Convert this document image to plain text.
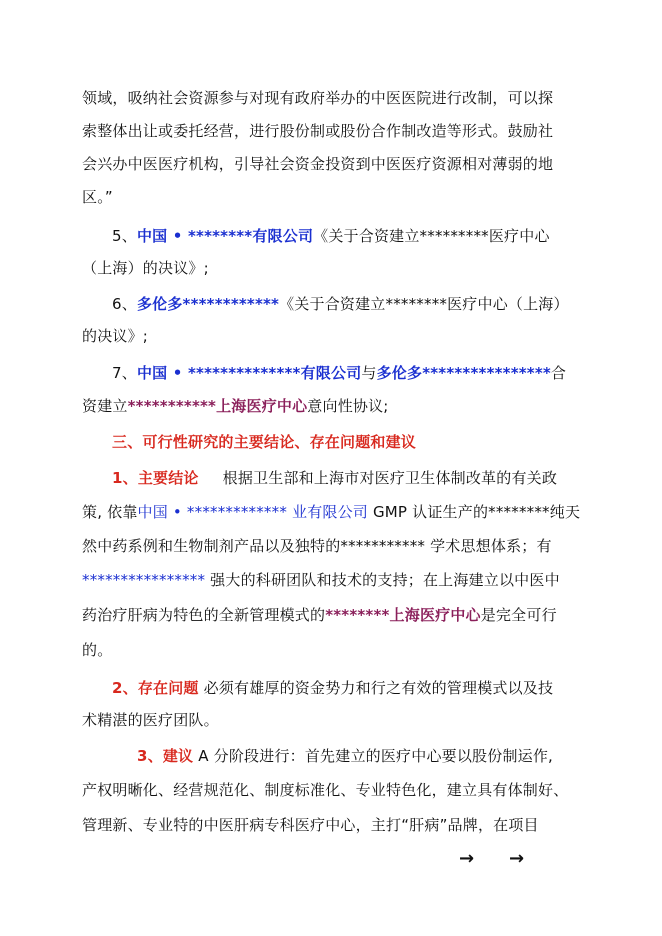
领域，吸纳社会资源参与对现有政府举办的中医医院进行改制，可以探
索整体出让或委托经营，进行股份制或股份合作制改造等形式。鼓励社
会兴办中医医疗机构，引导社会资金投资到中医医疗资源相对薄弱的地
区。”
5、中国 • ********有限公司《关于合资建立*********医疗中心
（上海）的决议》;
6、多伦多************《关于合资建立********医疗中心（上海）
的决议》;
7、中国 • **************有限公司与多伦多****************合
资建立***********上海医疗中心意向性协议;
三、可行性研究的主要结论、存在问题和建议
1、主要结论 根据卫生部和上海市对医疗卫生体制改革的有关政
策, 依靠中国 • ************* 业有限公司 GMP 认证生产的********纯天
然中药系例和生物制剂产品以及独特的*********** 学术思想体系；有
**************** 强大的科研团队和技术的支持；在上海建立以中医中
药治疗肝病为特色的全新管理模式的********上海医疗中心是完全可行
的。
2、存在问题 必须有雄厚的资金势力和行之有效的管理模式以及技
术精湛的医疗团队。
3、建议 A 分阶段进行：首先建立的医疗中心要以股份制运作,
产权明晰化、经营规范化、制度标准化、专业特色化，建立具有体制好、
管理新、专业特的中医肝病专科医疗中心，主打“肝病”品牌，在项目
→ →
